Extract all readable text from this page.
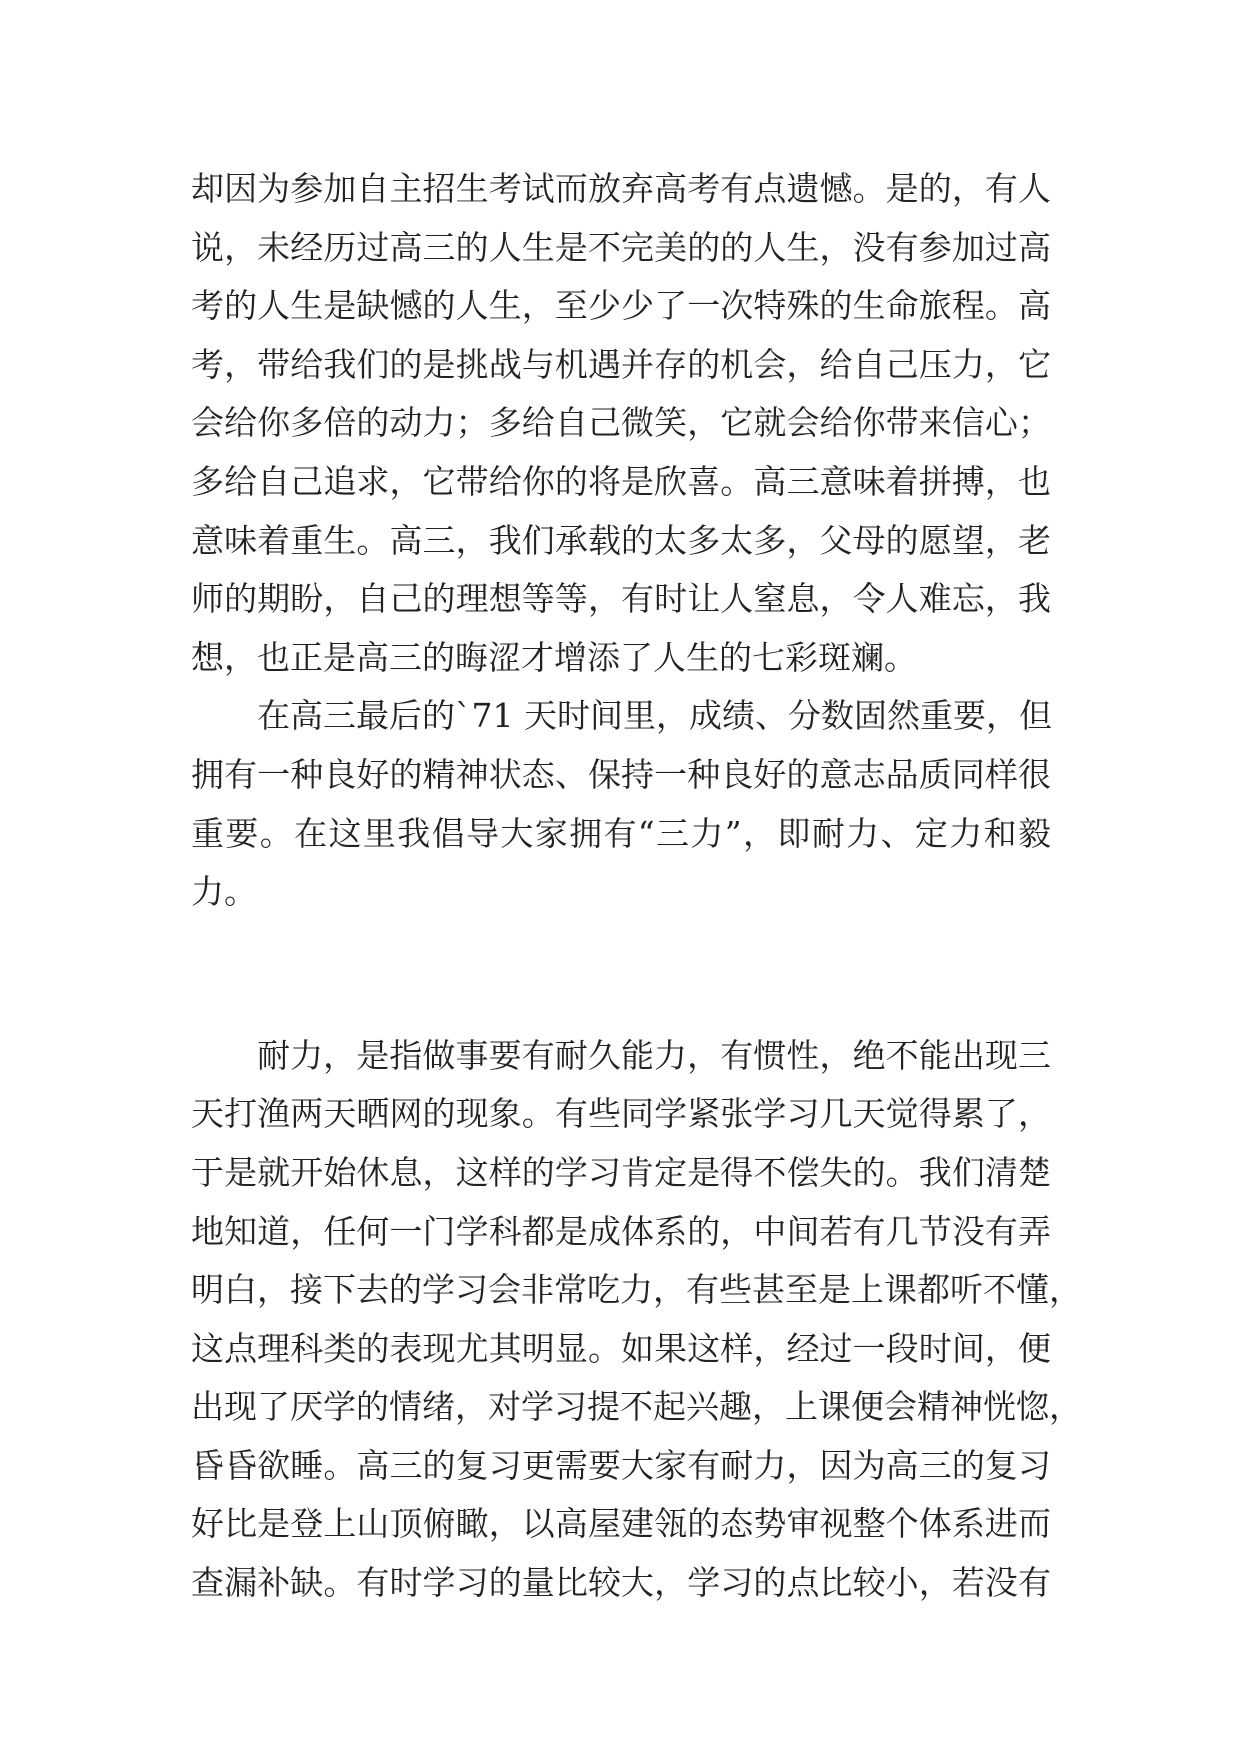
却因为参加自主招生考试而放弃高考有点遗憾。是的，有人
说，未经历过高三的人生是不完美的的人生，没有参加过高
考的人生是缺憾的人生，至少少了一次特殊的生命旅程。高
考，带给我们的是挑战与机遇并存的机会，给自己压力，它
会给你多倍的动力；多给自己微笑，它就会给你带来信心；
多给自己追求，它带给你的将是欣喜。高三意味着拼搏，也
意味着重生。高三，我们承载的太多太多，父母的愿望，老
师的期盼，自己的理想等等，有时让人窒息，令人难忘，我
想，也正是高三的晦涩才增添了人生的七彩斑斓。
在高三最后的`71 天时间里，成绩、分数固然重要，但
拥有一种良好的精神状态、保持一种良好的意志品质同样很
重要。在这里我倡导大家拥有“三力”，即耐力、定力和毅
力。
耐力，是指做事要有耐久能力，有惯性，绝不能出现三
天打渔两天晒网的现象。有些同学紧张学习几天觉得累了，
于是就开始休息，这样的学习肯定是得不偿失的。我们清楚
地知道，任何一门学科都是成体系的，中间若有几节没有弄
明白，接下去的学习会非常吃力，有些甚至是上课都听不懂，
这点理科类的表现尤其明显。如果这样，经过一段时间，便
出现了厌学的情绪，对学习提不起兴趣，上课便会精神恍惚，
昏昏欲睡。高三的复习更需要大家有耐力，因为高三的复习
好比是登上山顶俯瞰，以高屋建瓴的态势审视整个体系进而
查漏补缺。有时学习的量比较大，学习的点比较小，若没有
